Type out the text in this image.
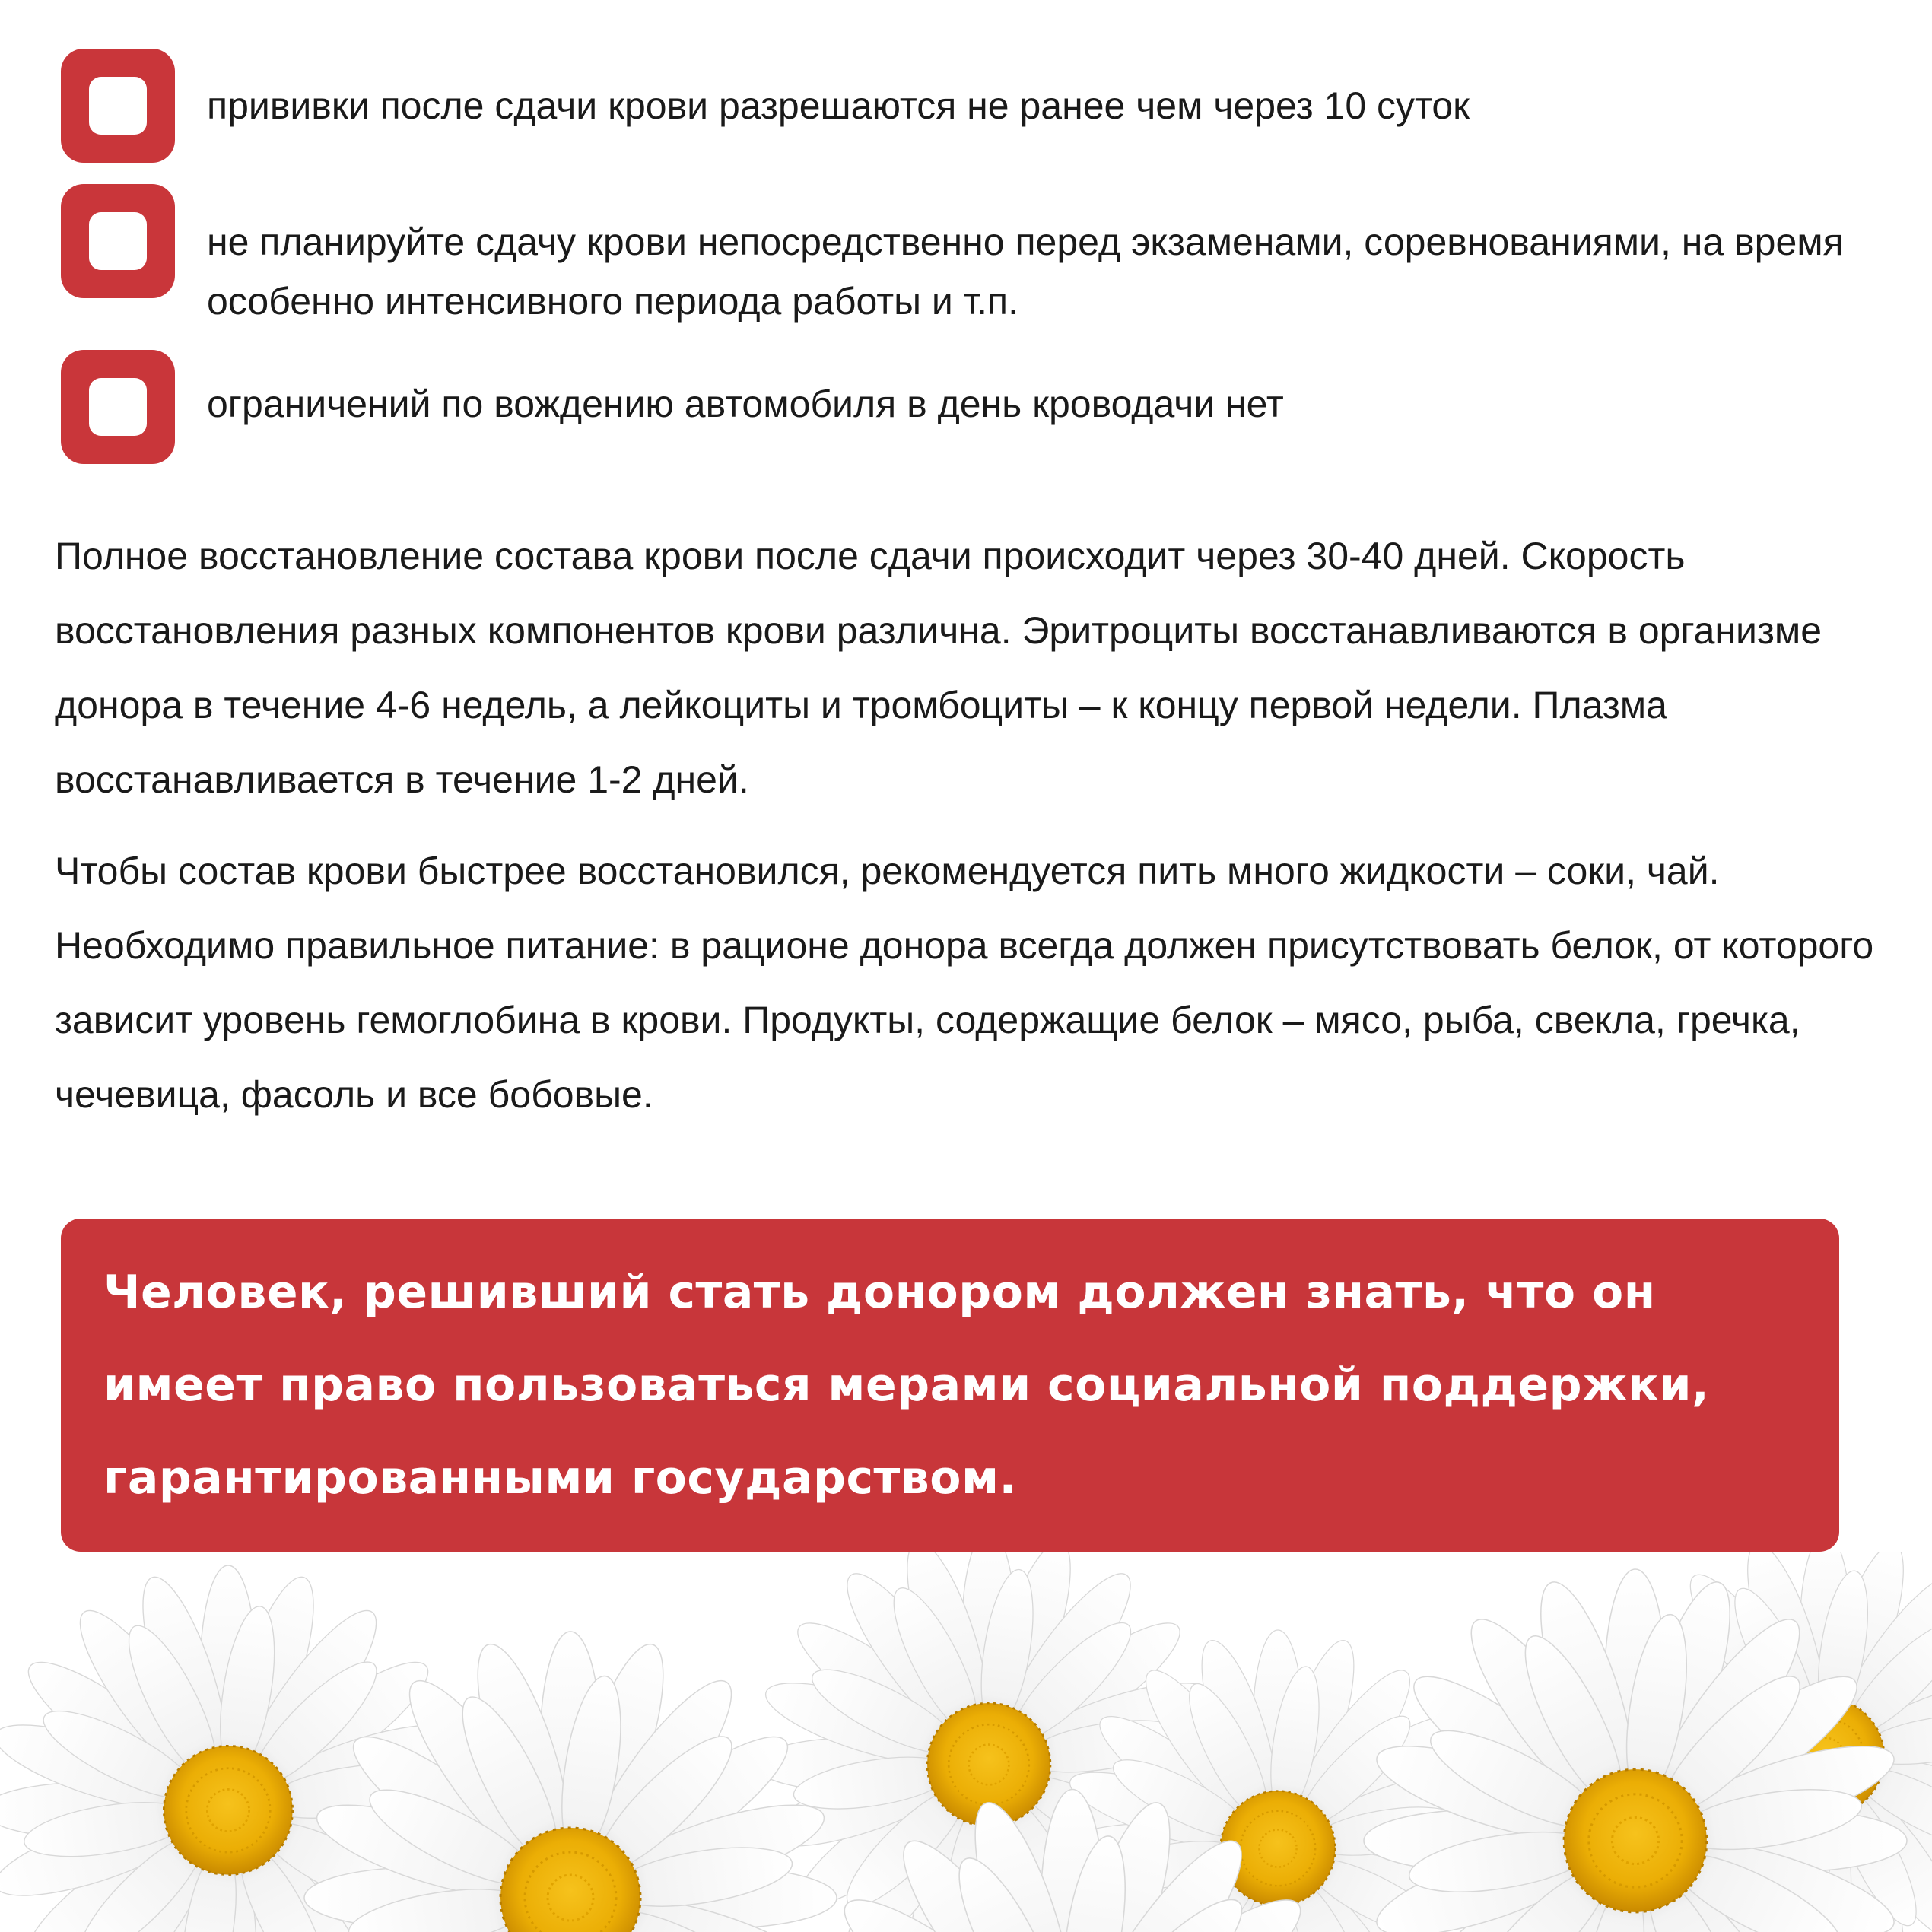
прививки после сдачи крови разрешаются не ранее чем через 10 суток

не планируйте сдачу крови непосредственно перед экзаменами, соревнованиями, на время особенно интенсивного периода работы и т.п.

ограничений по вождению автомобиля в день кроводачи нет

Полное восстановление состава крови после сдачи происходит через 30-40 дней. Скорость восстановления разных компонентов крови различна. Эритроциты восстанавливаются в организме донора в течение 4-6 недель, а лейкоциты и тромбоциты – к концу первой недели. Плазма восстанавливается в течение 1-2 дней.

Чтобы состав крови быстрее восстановился, рекомендуется пить много жидкости – соки, чай. Необходимо правильное питание: в рационе донора всегда должен присутствовать белок, от которого зависит уровень гемоглобина в крови. Продукты, содержащие белок – мясо, рыба, свекла, гречка, чечевица, фасоль и все бобовые.

Человек, решивший стать донором должен знать, что он имеет право пользоваться мерами социальной поддержки, гарантированными государством.
